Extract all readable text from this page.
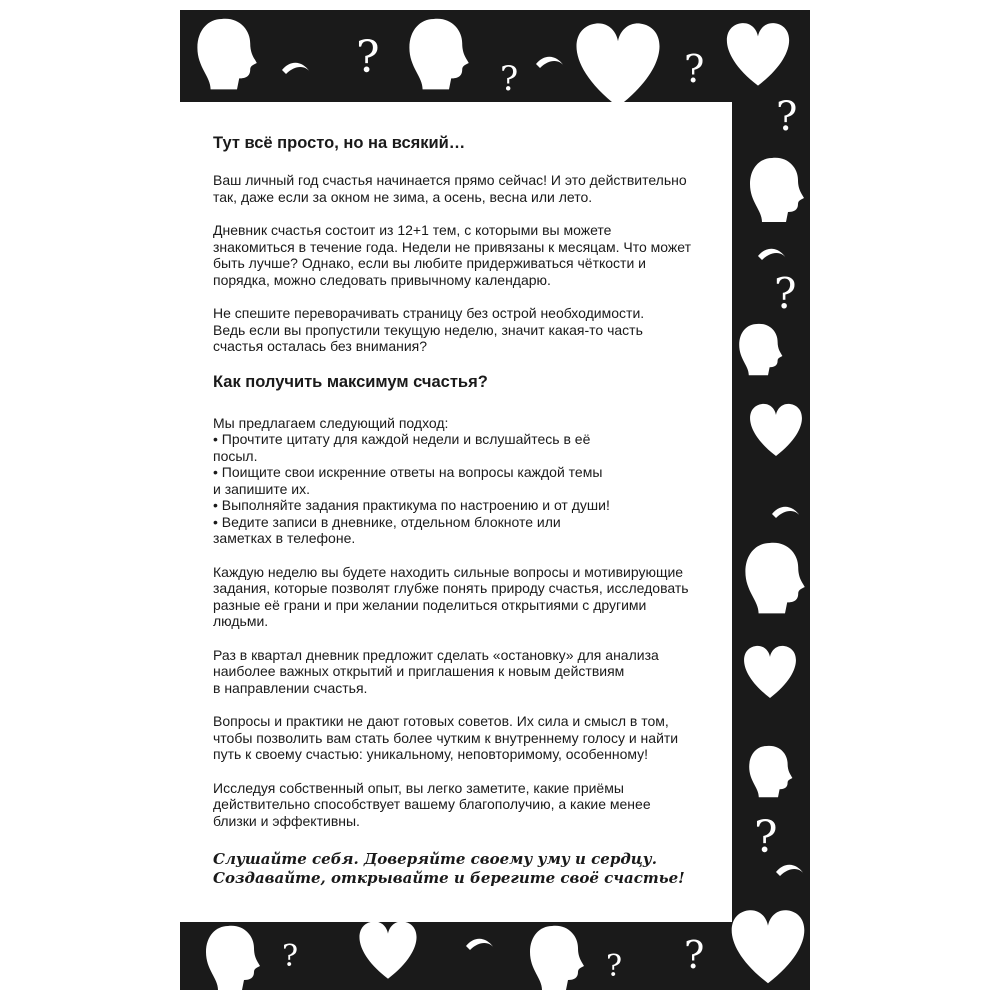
?	?	?
?
?
?
?	? ?
Тут всё просто, но на всякий…

Ваш личный год счастья начинается прямо сейчас! И это действительно
так, даже если за окном не зима, а осень, весна или лето.

Дневник счастья состоит из 12+1 тем, с которыми вы можете
знакомиться в течение года. Недели не привязаны к месяцам. Что может
быть лучше? Однако, если вы любите придерживаться чёткости и
порядка, можно следовать привычному календарю.

Не спешите переворачивать страницу без острой необходимости.
Ведь если вы пропустили текущую неделю, значит какая-то часть
счастья осталась без внимания?

Как получить максимум счастья?

Мы предлагаем следующий подход:
• Прочтите цитату для каждой недели и вслушайтесь в её
посыл.
• Поищите свои искренние ответы на вопросы каждой темы
и запишите их.
• Выполняйте задания практикума по настроению и от души!
• Ведите записи в дневнике, отдельном блокноте или
заметках в телефоне.

Каждую неделю вы будете находить сильные вопросы и мотивирующие
задания, которые позволят глубже понять природу счастья, исследовать
разные её грани и при желании поделиться открытиями с другими
людьми.

Раз в квартал дневник предложит сделать «остановку» для анализа
наиболее важных открытий и приглашения к новым действиям
в направлении счастья.

Вопросы и практики не дают готовых советов. Их сила и смысл в том,
чтобы позволить вам стать более чутким к внутреннему голосу и найти
путь к своему счастью: уникальному, неповторимому, особенному!

Исследуя собственный опыт, вы легко заметите, какие приёмы
действительно способствует вашему благополучию, а какие менее
близки и эффективны.

Слушайте себя. Доверяйте своему уму и сердцу.
Создавайте, открывайте и берегите своё счастье!
